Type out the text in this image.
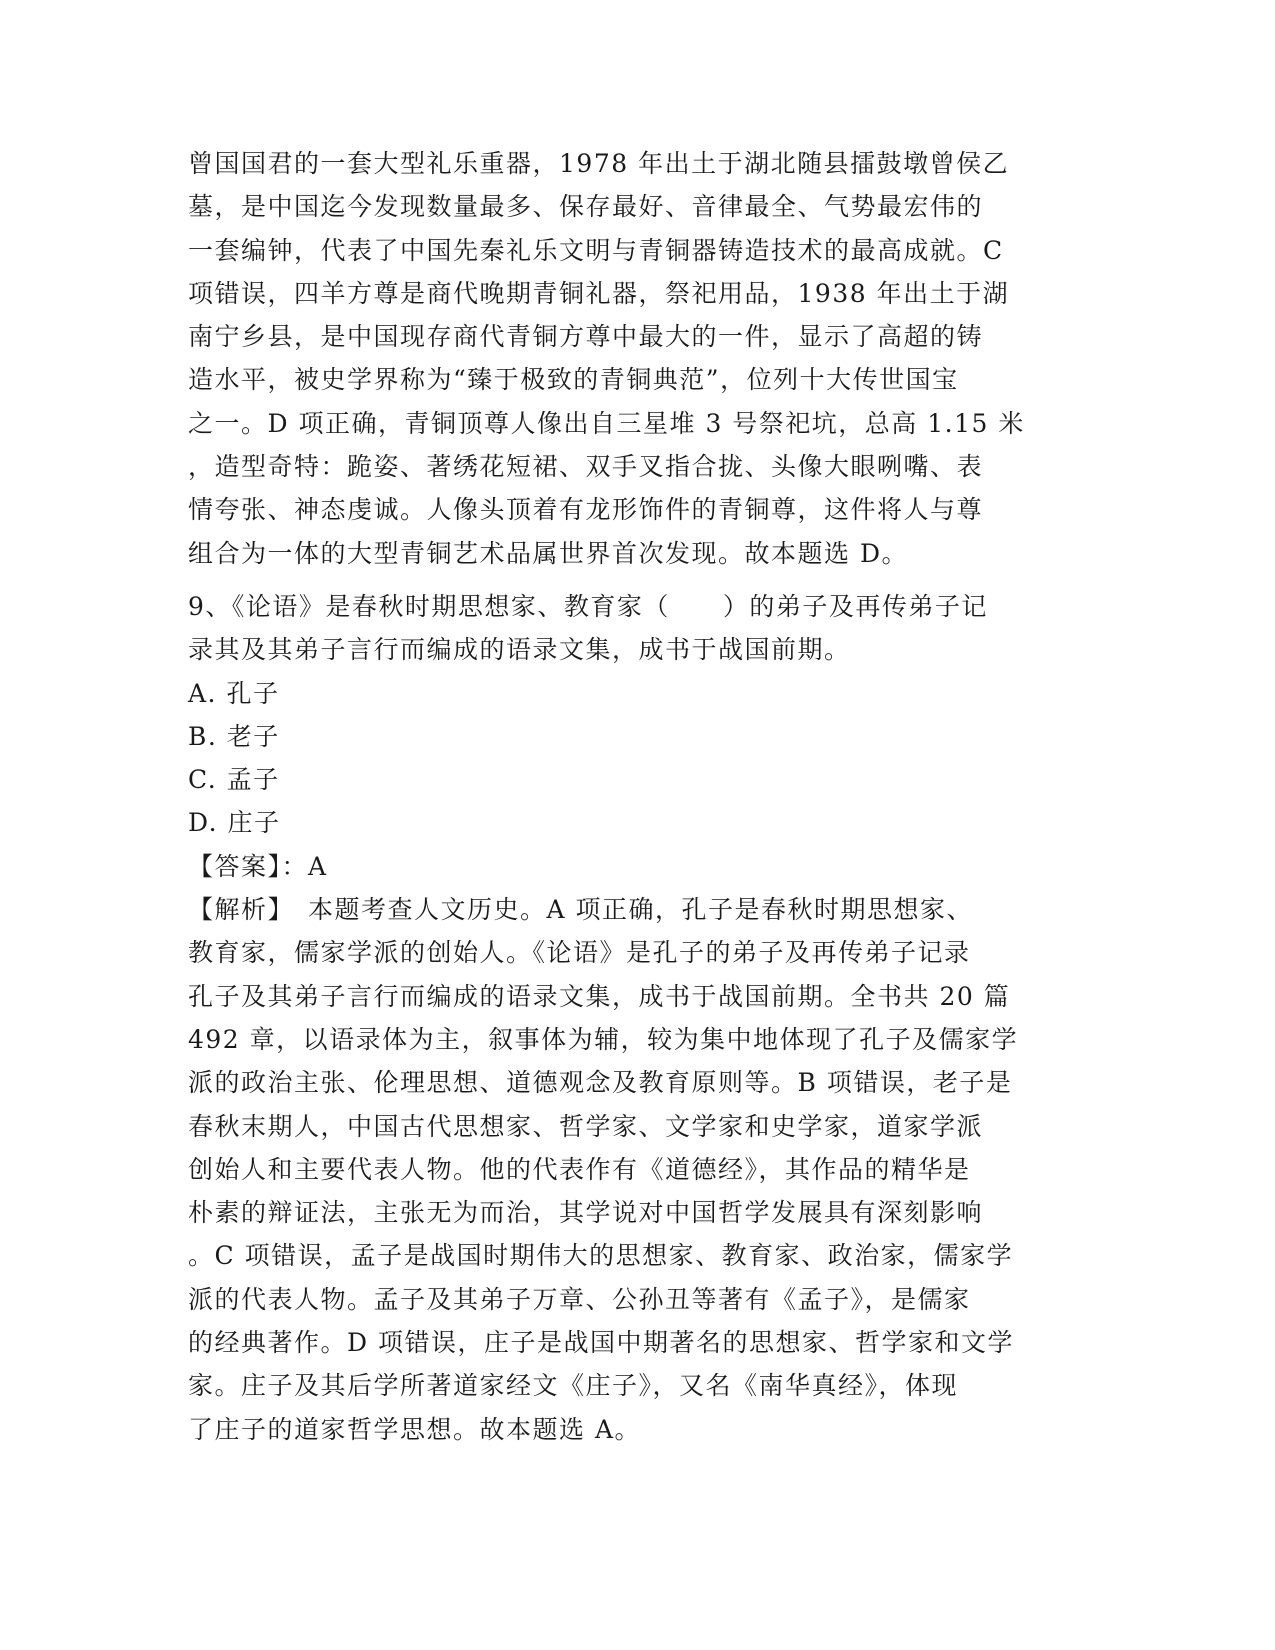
曾国国君的一套大型礼乐重器，1978 年出土于湖北随县擂鼓墩曾侯乙
墓，是中国迄今发现数量最多、保存最好、音律最全、气势最宏伟的
一套编钟，代表了中国先秦礼乐文明与青铜器铸造技术的最高成就。C
项错误，四羊方尊是商代晚期青铜礼器，祭祀用品，1938 年出土于湖
南宁乡县，是中国现存商代青铜方尊中最大的一件，显示了高超的铸
造水平，被史学界称为“臻于极致的青铜典范”，位列十大传世国宝
之一。D 项正确，青铜顶尊人像出自三星堆 3 号祭祀坑，总高 1.15 米
，造型奇特：跪姿、著绣花短裙、双手叉指合拢、头像大眼咧嘴、表
情夸张、神态虔诚。人像头顶着有龙形饰件的青铜尊，这件将人与尊
组合为一体的大型青铜艺术品属世界首次发现。故本题选 D。
9、《论语》是春秋时期思想家、教育家（　　）的弟子及再传弟子记
录其及其弟子言行而编成的语录文集，成书于战国前期。
A. 孔子
B. 老子
C. 孟子
D. 庄子
【答案】：A
【解析】　本题考查人文历史。A 项正确，孔子是春秋时期思想家、
教育家，儒家学派的创始人。《论语》是孔子的弟子及再传弟子记录
孔子及其弟子言行而编成的语录文集，成书于战国前期。全书共 20 篇
492 章，以语录体为主，叙事体为辅，较为集中地体现了孔子及儒家学
派的政治主张、伦理思想、道德观念及教育原则等。B 项错误，老子是
春秋末期人，中国古代思想家、哲学家、文学家和史学家，道家学派
创始人和主要代表人物。他的代表作有《道德经》，其作品的精华是
朴素的辩证法，主张无为而治，其学说对中国哲学发展具有深刻影响
。C 项错误，孟子是战国时期伟大的思想家、教育家、政治家，儒家学
派的代表人物。孟子及其弟子万章、公孙丑等著有《孟子》，是儒家
的经典著作。D 项错误，庄子是战国中期著名的思想家、哲学家和文学
家。庄子及其后学所著道家经文《庄子》，又名《南华真经》，体现
了庄子的道家哲学思想。故本题选 A。
